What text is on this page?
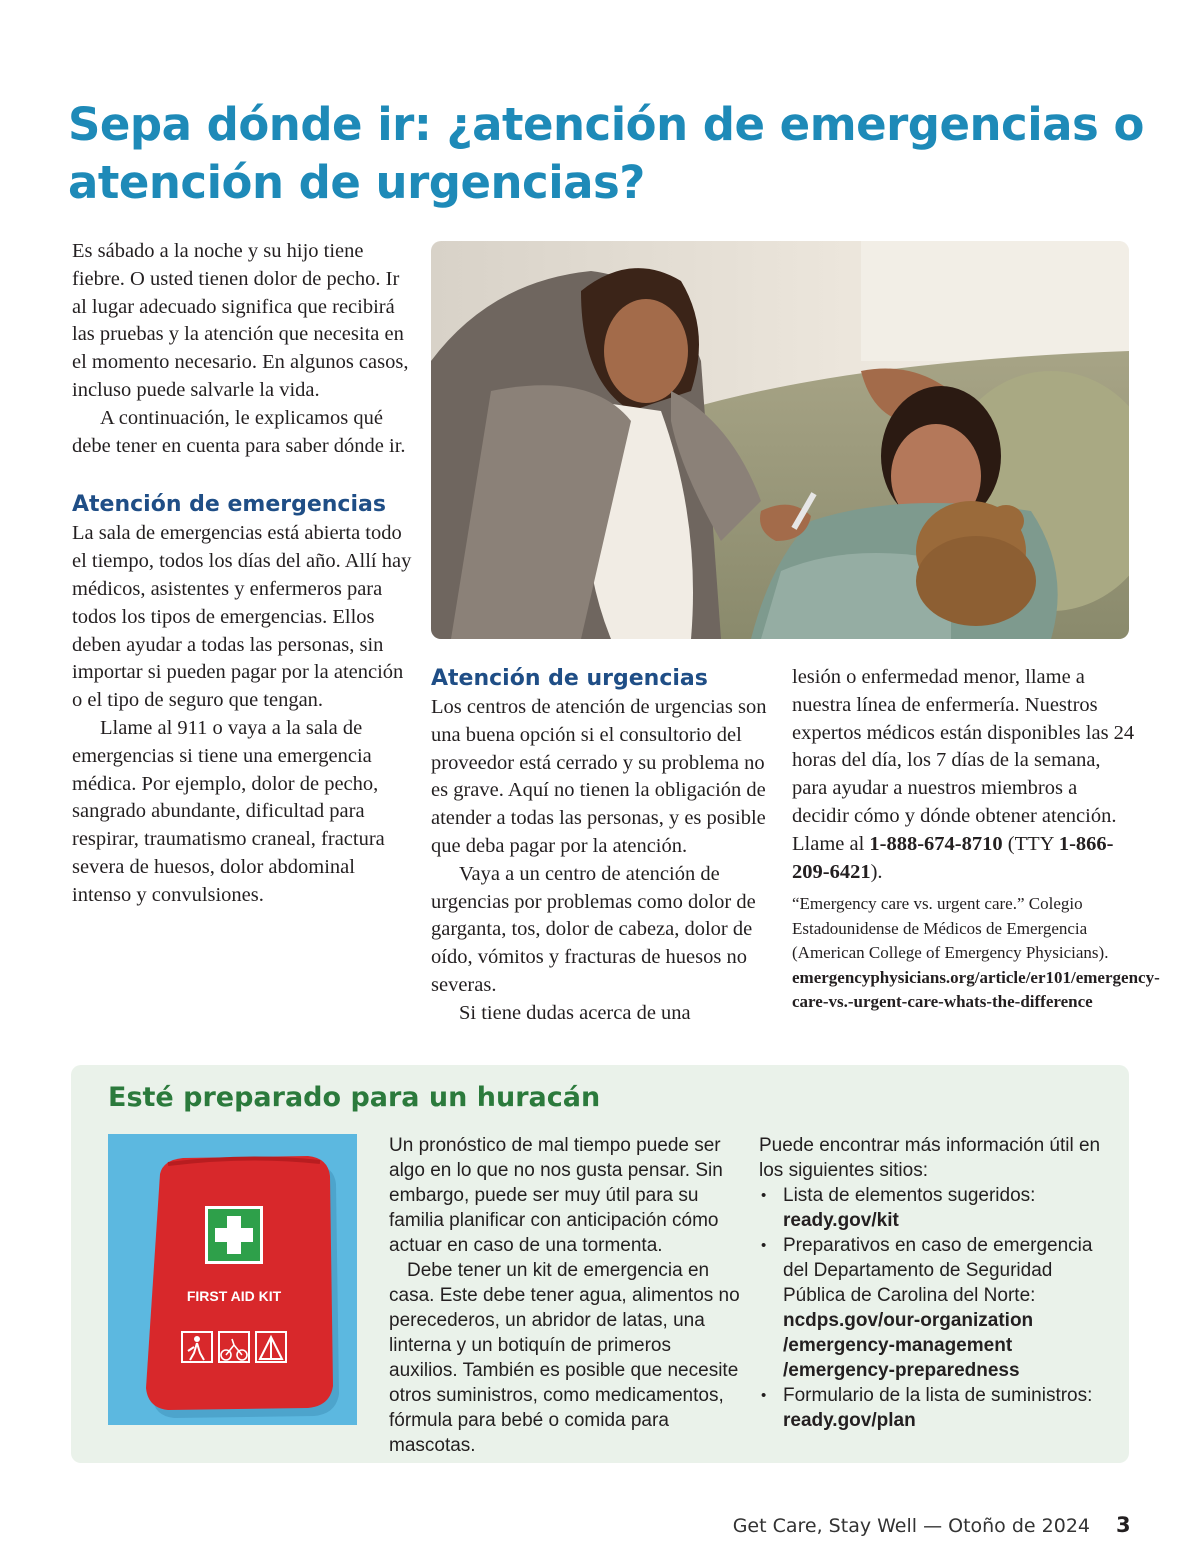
Sepa dónde ir: ¿atención de emergencias o atención de urgencias?

Es sábado a la noche y su hijo tiene fiebre. O usted tienen dolor de pecho. Ir al lugar adecuado significa que recibirá las pruebas y la atención que necesita en el momento necesario. En algunos casos, incluso puede salvarle la vida.

A continuación, le explicamos qué debe tener en cuenta para saber dónde ir.

Atención de emergencias

La sala de emergencias está abierta todo el tiempo, todos los días del año. Allí hay médicos, asistentes y enfermeros para todos los tipos de emergencias. Ellos deben ayudar a todas las personas, sin importar si pueden pagar por la atención o el tipo de seguro que tengan.

Llame al 911 o vaya a la sala de emergencias si tiene una emergencia médica. Por ejemplo, dolor de pecho, sangrado abundante, dificultad para respirar, traumatismo craneal, fractura severa de huesos, dolor abdominal intenso y convulsiones.

Atención de urgencias

Los centros de atención de urgencias son una buena opción si el consultorio del proveedor está cerrado y su problema no es grave. Aquí no tienen la obligación de atender a todas las personas, y es posible que deba pagar por la atención.

Vaya a un centro de atención de urgencias por problemas como dolor de garganta, tos, dolor de cabeza, dolor de oído, vómitos y fracturas de huesos no severas.

Si tiene dudas acerca de una

lesión o enfermedad menor, llame a nuestra línea de enfermería. Nuestros expertos médicos están disponibles las 24 horas del día, los 7 días de la semana, para ayudar a nuestros miembros a decidir cómo y dónde obtener atención. Llame al 1-888-674-8710 (TTY 1-866-209-6421).

“Emergency care vs. urgent care.” Colegio Estadounidense de Médicos de Emergencia (American College of Emergency Physicians).
emergencyphysicians.org/article/er101/emergency-care-vs.-urgent-care-whats-the-difference
Esté preparado para un huracán
FIRST AID KIT

Un pronóstico de mal tiempo puede ser algo en lo que no nos gusta pensar. Sin embargo, puede ser muy útil para su familia planificar con anticipación cómo actuar en caso de una tormenta.

Debe tener un kit de emergencia en casa. Este debe tener agua, alimentos no perecederos, un abridor de latas, una linterna y un botiquín de primeros auxilios. También es posible que necesite otros suministros, como medicamentos, fórmula para bebé o comida para mascotas.

Puede encontrar más información útil en los siguientes sitios:

• Lista de elementos sugeridos:
ready.gov/kit
• Preparativos en caso de emergencia del Departamento de Seguridad Pública de Carolina del Norte:
ncdps.gov/our-organization
/emergency-management
/emergency-preparedness
• Formulario de la lista de suministros: ready.gov/plan
Get Care, Stay Well — Otoño de 2024 3
